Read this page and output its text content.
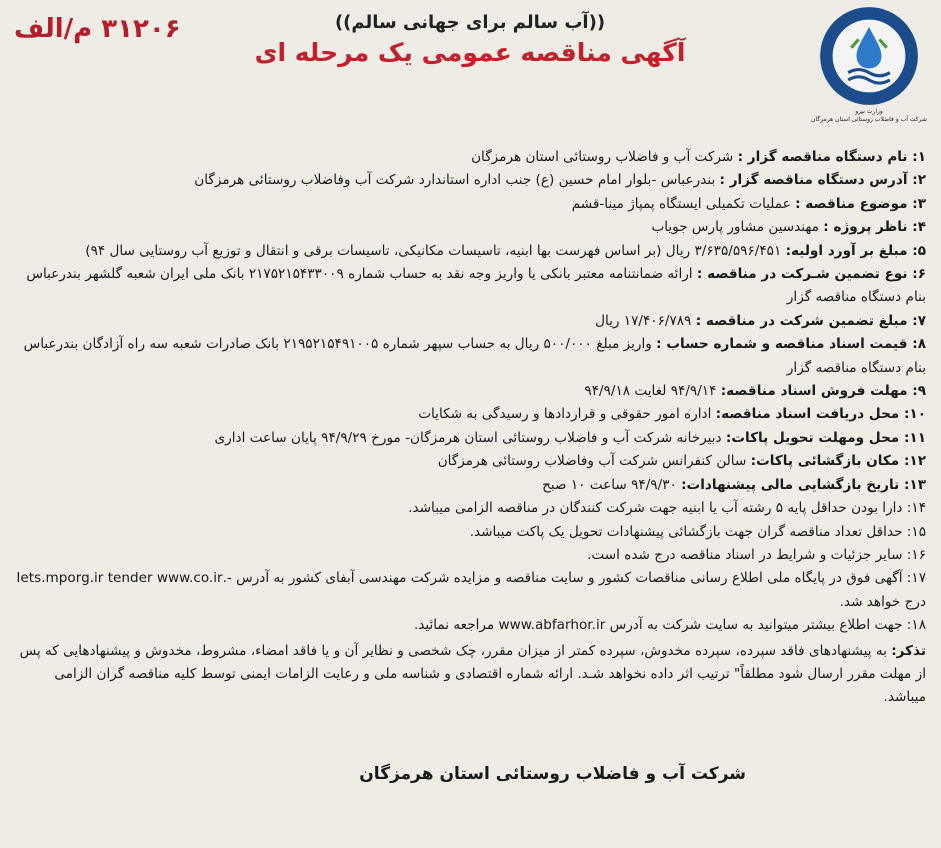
وزارت نیرو
شرکت آب و فاضلاب روستائی استان هرمزگان
((آب سالم برای جهانی سالم))
آگهی مناقصه عمومی یک مرحله ای
۳۱۲۰۶ م/الف
۱: نام دستگاه مناقصه گزار : شرکت آب و فاضلاب روستائی استان هرمزگان
۲: آدرس دستگاه مناقصه گزار : بندرعباس -بلوار امام حسین (ع) جنب اداره استاندارد شرکت آب وفاضلاب روستائی هرمزگان
۳: موضوع مناقصه : عملیات تکمیلی ایستگاه پمپاژ مینا-قشم
۴: ناظر پروژه : مهندسین مشاور پارس جویاب
۵: مبلغ بر آورد اولیه: ۳/۶۳۵/۵۹۶/۴۵۱ ریال (بر اساس فهرست بها ابنیه، تاسیسات مکانیکی، تاسیسات برقی و انتقال و توزیع آب روستایی سال ۹۴)
۶: نوع تضمین شـرکت در مناقصه : ارائه ضمانتنامه معتبر بانکی یا واریز وجه نقد به حساب شماره ۲۱۷۵۲۱۵۴۳۳۰۰۹ بانک ملی ایران شعبه گلشهر بندرعباس بنام دستگاه مناقصه گزار
۷: مبلغ تضمین شرکت در مناقصه : ۱۷/۴۰۶/۷۸۹ ریال
۸: قیمت اسناد مناقصه و شماره حساب : واریز مبلغ ۵۰۰/۰۰۰ ریال به حساب سپهر شماره ۲۱۹۵۲۱۵۴۹۱۰۰۵ بانک صادرات شعبه سه راه آزادگان بندرعباس بنام دستگاه مناقصه گزار
۹: مهلت فروش اسناد مناقصه: ۹۴/۹/۱۴ لغایت ۹۴/۹/۱۸
۱۰: محل دریافت اسناد مناقصه: اداره امور حقوقی و قراردادها و رسیدگی به شکایات
۱۱: محل ومهلت تحویل پاکات: دبیرخانه شرکت آب و فاضلاب روستائی استان هرمزگان- مورخ ۹۴/۹/۲۹ پایان ساعت اداری
۱۲: مکان بازگشائی پاکات: سالن کنفرانس شرکت آب وفاضلاب روستائی هرمزگان
۱۳: تاریخ بازگشایی مالی پیشنهادات: ۹۴/۹/۳۰ ساعت ۱۰ صبح
۱۴: دارا بودن حداقل پایه ۵ رشته آب یا ابنیه جهت شرکت کنندگان در مناقصه الزامی میباشد.
۱۵: حداقل تعداد مناقصه گران جهت بازگشائی پیشنهادات تحویل یک پاکت میباشد.
۱۶: سایر جزئیات و شرایط در اسناد مناقصه درج شده است.
۱۷: آگهی فوق در پایگاه ملی اطلاع رسانی مناقصات کشور و سایت مناقصه و مزایده شرکت مهندسی آبفای کشور به آدرس -.Iets.mporg.ir tender www.co.ir درج خواهد شد.
۱۸: جهت اطلاع بیشتر میتوانید به سایت شرکت به آدرس www.abfarhor.ir مراجعه نمائید.
تذکر: به پیشنهادهای فاقد سپرده، سپرده مخدوش، سپرده کمتر از میزان مقرر، چک شخصی و نظایر آن و یا فاقد امضاء، مشروط، مخدوش و پیشنهادهایی که پس از مهلت مقرر ارسال شود مطلقاً" ترتیب اثر داده نخواهد شـد. ارائه شماره اقتصادی و شناسه ملی و رعایت الزامات ایمنی توسط کلیه مناقصه گران الزامی میباشد.
شرکت آب و فاضلاب روستائی استان هرمزگان
